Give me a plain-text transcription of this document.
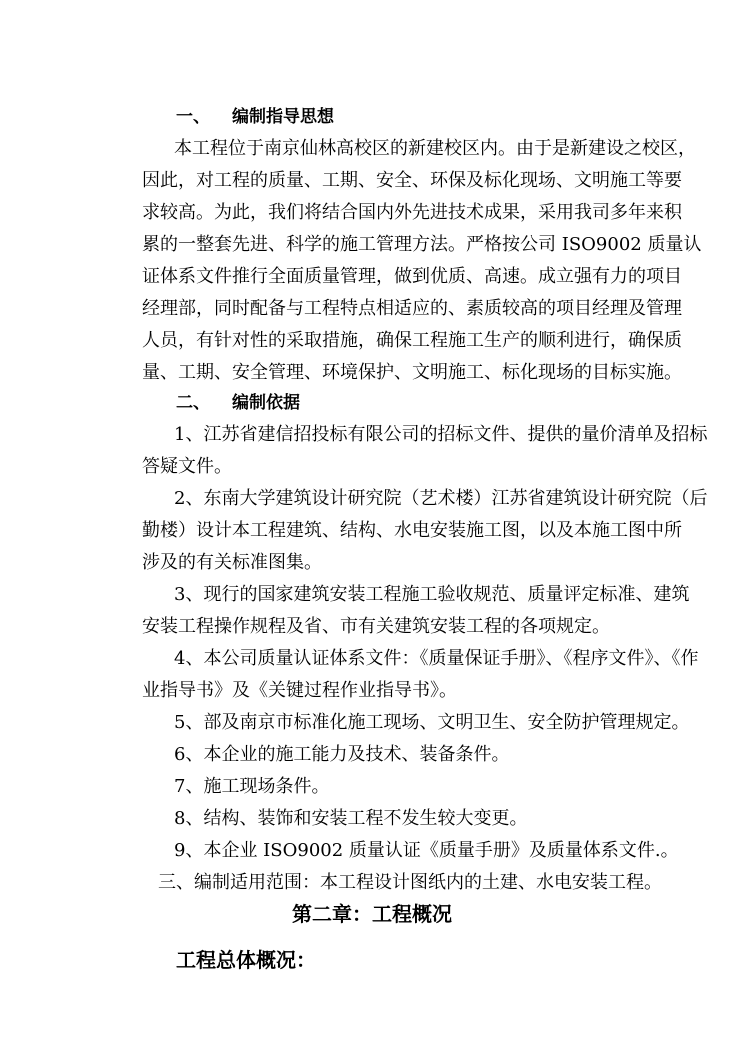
一、 编制指导思想
本工程位于南京仙林高校区的新建校区内。由于是新建设之校区，
因此，对工程的质量、工期、安全、环保及标化现场、文明施工等要
求较高。为此，我们将结合国内外先进技术成果，采用我司多年来积
累的一整套先进、科学的施工管理方法。严格按公司 ISO9002 质量认
证体系文件推行全面质量管理，做到优质、高速。成立强有力的项目
经理部，同时配备与工程特点相适应的、素质较高的项目经理及管理
人员，有针对性的采取措施，确保工程施工生产的顺利进行，确保质
量、工期、安全管理、环境保护、文明施工、标化现场的目标实施。
二、 编制依据
1、江苏省建信招投标有限公司的招标文件、提供的量价清单及招标
答疑文件。
2、东南大学建筑设计研究院（艺术楼）江苏省建筑设计研究院（后
勤楼）设计本工程建筑、结构、水电安装施工图，以及本施工图中所
涉及的有关标准图集。
3、现行的国家建筑安装工程施工验收规范、质量评定标准、建筑
安装工程操作规程及省、市有关建筑安装工程的各项规定。
4、本公司质量认证体系文件：《质量保证手册》、《程序文件》、《作
业指导书》及《关键过程作业指导书》。
5、部及南京市标准化施工现场、文明卫生、安全防护管理规定。
6、本企业的施工能力及技术、装备条件。
7、施工现场条件。
8、结构、装饰和安装工程不发生较大变更。
9、本企业 ISO9002 质量认证《质量手册》及质量体系文件.。
三、编制适用范围：本工程设计图纸内的土建、水电安装工程。
第二章：工程概况
工程总体概况：
